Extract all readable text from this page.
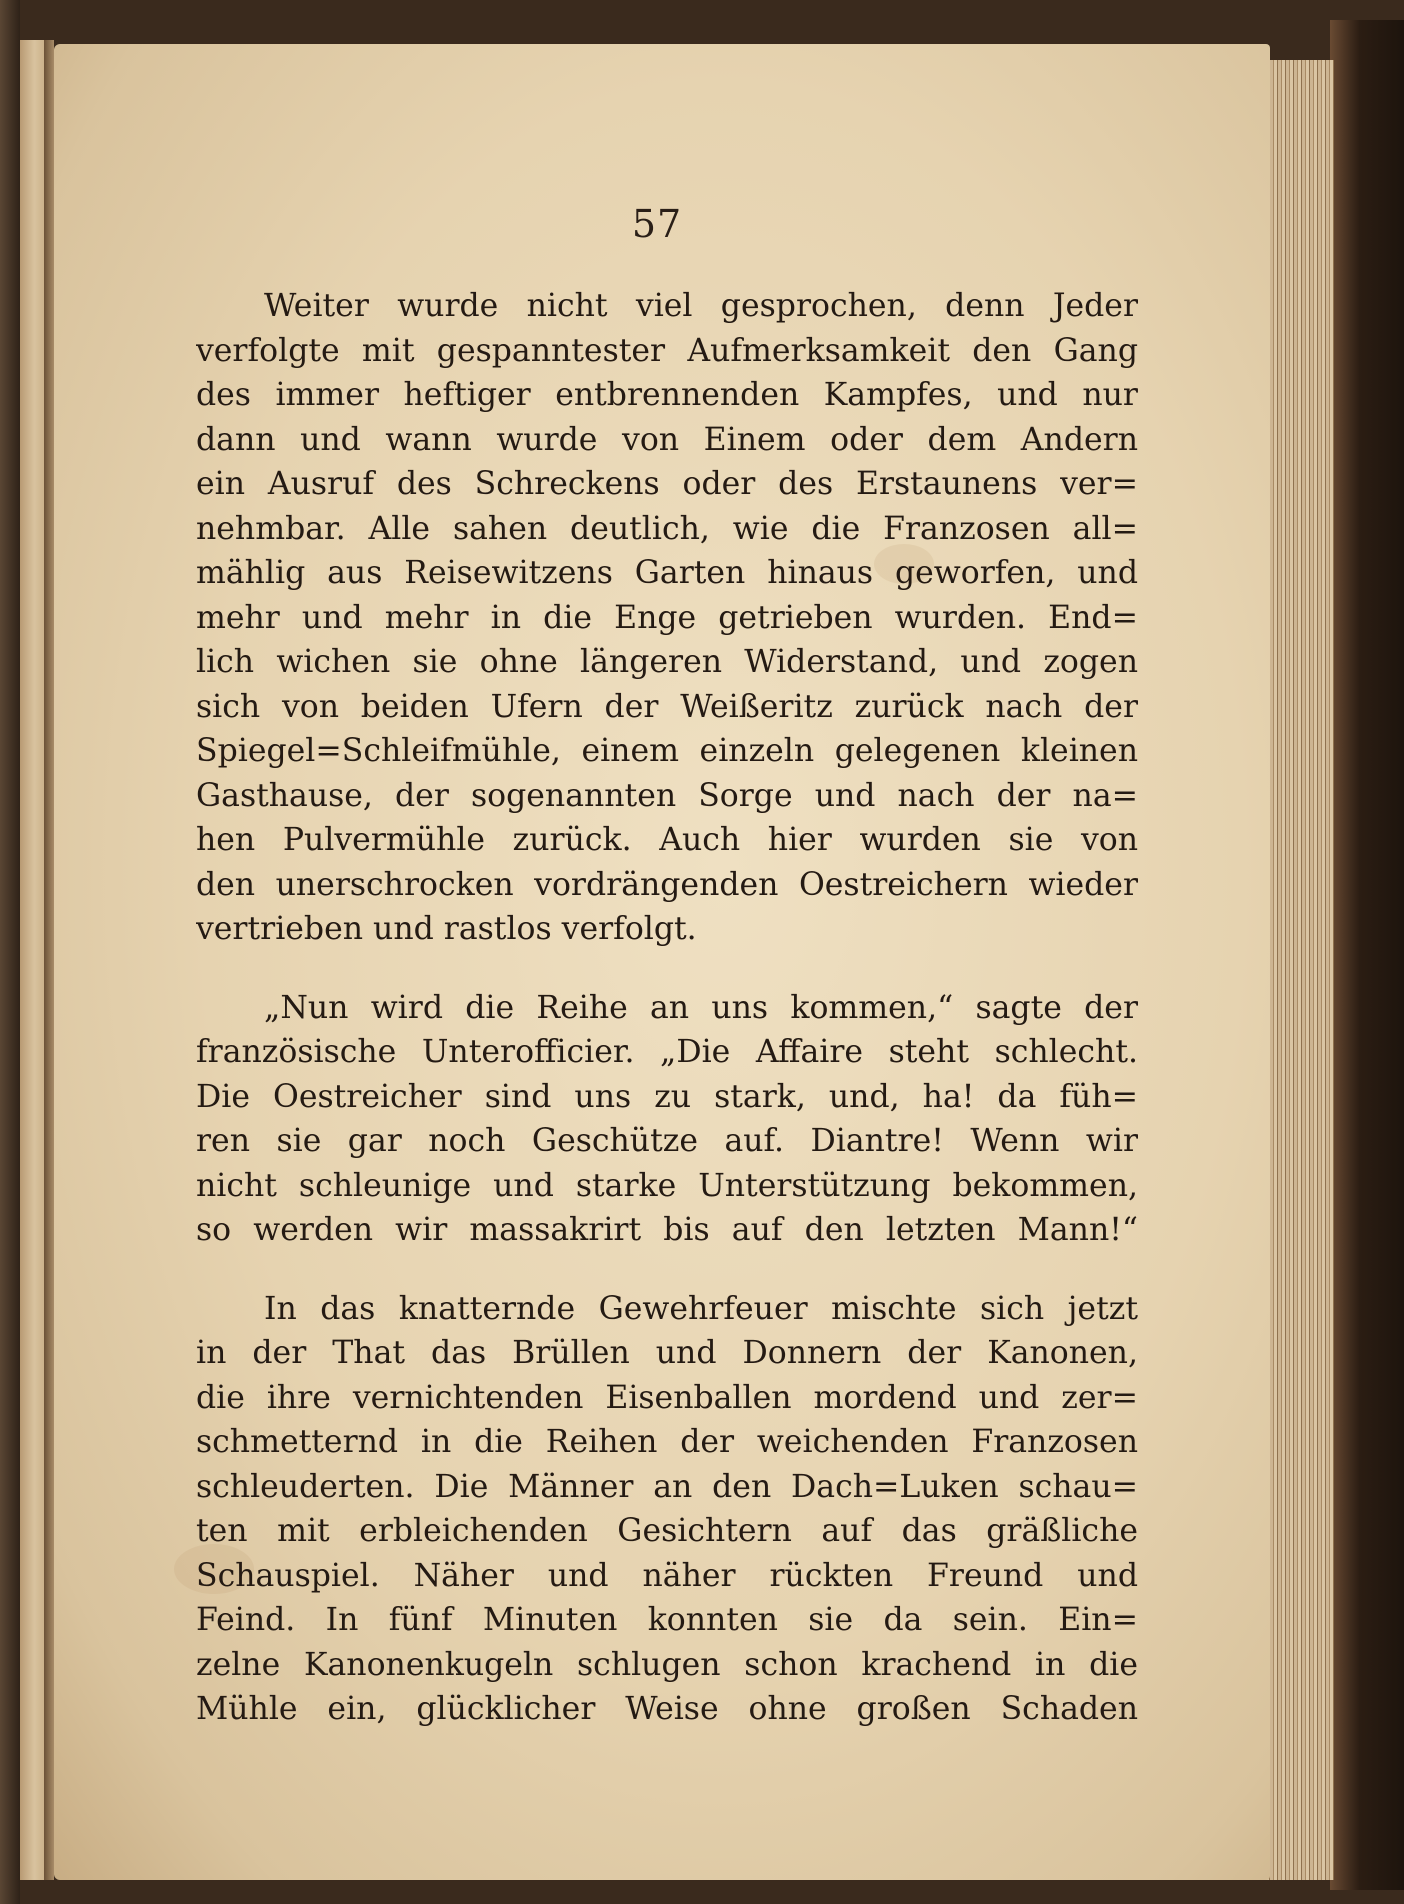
57

Weiter wurde nicht viel gesprochen, denn Jeder
verfolgte mit gespanntester Aufmerksamkeit den Gang
des immer heftiger entbrennenden Kampfes, und nur
dann und wann wurde von Einem oder dem Andern
ein Ausruf des Schreckens oder des Erstaunens ver=
nehmbar. Alle sahen deutlich, wie die Franzosen all=
mählig aus Reisewitzens Garten hinaus geworfen, und
mehr und mehr in die Enge getrieben wurden. End=
lich wichen sie ohne längeren Widerstand, und zogen
sich von beiden Ufern der Weißeritz zurück nach der
Spiegel=Schleifmühle, einem einzeln gelegenen kleinen
Gasthause, der sogenannten Sorge und nach der na=
hen Pulvermühle zurück. Auch hier wurden sie von
den unerschrocken vordrängenden Oestreichern wieder
vertrieben und rastlos verfolgt.

„Nun wird die Reihe an uns kommen,“ sagte der
französische Unterofficier. „Die Affaire steht schlecht.
Die Oestreicher sind uns zu stark, und, ha! da füh=
ren sie gar noch Geschütze auf. Diantre! Wenn wir
nicht schleunige und starke Unterstützung bekommen,
so werden wir massakrirt bis auf den letzten Mann!“

In das knatternde Gewehrfeuer mischte sich jetzt
in der That das Brüllen und Donnern der Kanonen,
die ihre vernichtenden Eisenballen mordend und zer=
schmetternd in die Reihen der weichenden Franzosen
schleuderten. Die Männer an den Dach=Luken schau=
ten mit erbleichenden Gesichtern auf das gräßliche
Schauspiel. Näher und näher rückten Freund und
Feind. In fünf Minuten konnten sie da sein. Ein=
zelne Kanonenkugeln schlugen schon krachend in die
Mühle ein, glücklicher Weise ohne großen Schaden
